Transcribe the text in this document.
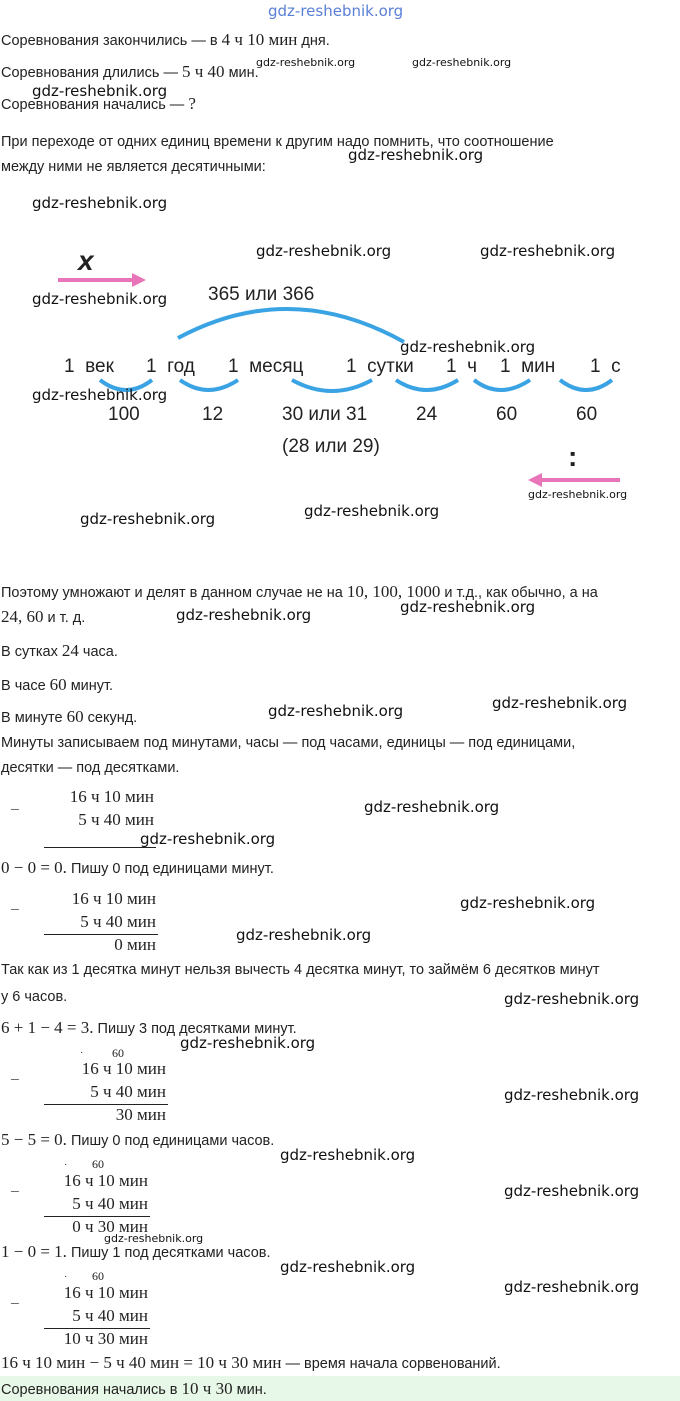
gdz-reshebnik.org
Соревнования закончились — в 4 ч 10 мин дня.
Соревнования длились — 5 ч 40 мин.
Соревнования начались — ?
При переходе от одних единиц времени к другим надо помнить, что соотношение
между ними не является десятичными:
gdz-reshebnik.org	gdz-reshebnik.org
gdz-reshebnik.org
gdz-reshebnik.org
gdz-reshebnik.org
x
365 или 366
1  век 1  год 1  месяц 1  сутки 1  ч 1  мин 1  с
100	12	30 или 31	24	60	60
(28 или 29)	:
gdz-reshebnik.org	gdz-reshebnik.org
gdz-reshebnik.org
gdz-reshebnik.org
gdz-reshebnik.org
gdz-reshebnik.org
gdz-reshebnik.org	gdz-reshebnik.org
Поэтому умножают и делят в данном случае не на 10, 100, 1000 и т.д., как обычно, а на
24, 60 и т. д.
gdz-reshebnik.org
gdz-reshebnik.org
В сутках 24 часа.
В часе 60 минут.
В минуте 60 секунд.
gdz-reshebnik.org
gdz-reshebnik.org
Минуты записываем под минутами, часы — под часами, единицы — под единицами,
десятки — под десятками.
−
16 ч 10 мин
5 ч 40 мин
gdz-reshebnik.org
gdz-reshebnik.org
0 − 0 = 0. Пишу 0 под единицами минут.
−
16 ч 10 мин
5 ч 40 мин
0 мин
gdz-reshebnik.org
gdz-reshebnik.org
Так как из 1 десятка минут нельзя вычесть 4 десятка минут, то займём 6 десятков минут
у 6 часов.	gdz-reshebnik.org
6 + 1 − 4 = 3. Пишу 3 под десятками минут.
· 60
−
16 ч 10 мин
5 ч 40 мин
30 мин
gdz-reshebnik.org
gdz-reshebnik.org
5 − 5 = 0. Пишу 0 под единицами часов.
· 60
−
16 ч 10 мин
5 ч 40 мин
0 ч 30 мин
gdz-reshebnik.org
gdz-reshebnik.org
gdz-reshebnik.org
1 − 0 = 1. Пишу 1 под десятками часов.
· 60
−
16 ч 10 мин
5 ч 40 мин
10 ч 30 мин
gdz-reshebnik.org
gdz-reshebnik.org
16 ч 10 мин − 5 ч 40 мин = 10 ч 30 мин — время начала сорвенований.
Соревнования начались в 10 ч 30 мин.
